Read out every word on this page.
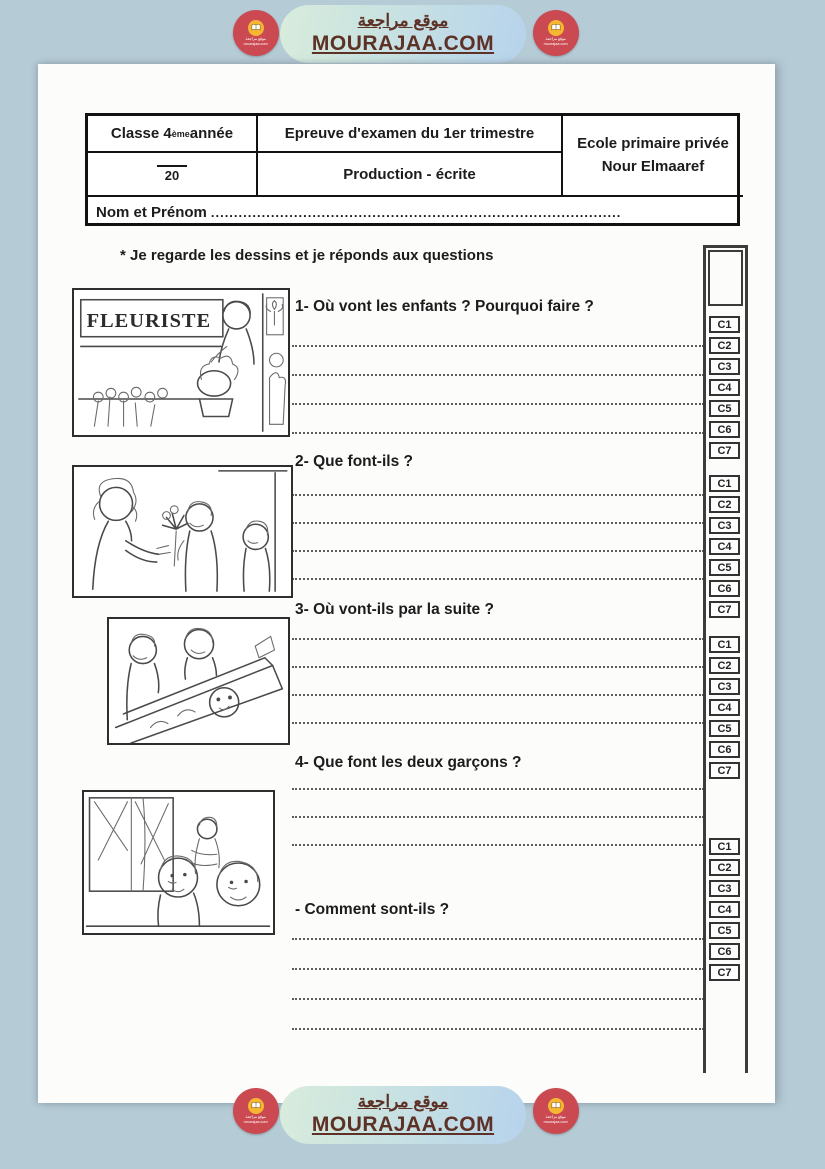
موقع مراجعة
mourajaa.com
موقع مراجعة
MOURAJAA.COM	موقع مراجعة
mourajaa.com
Classe 4 ème année	Epreuve d'examen du 1er trimestre
Ecole primaire privée
Nour Elmaaref
20	Production - écrite
Nom et Prénom .........................................................................................
* Je regarde les dessins et je réponds aux questions
1- Où vont les enfants ? Pourquoi faire ?
2- Que font-ils ?
3- Où vont-ils par la suite ?
4- Que font les deux garçons ?
- Comment sont-ils ?
C1
C2
C3
C4
C5
C6
C7
C1
C2
C3
C4
C5
C6
C7
C1
C2
C3
C4
C5
C6
C7
C1
C2
C3
C4
C5
C6
C7
FLEURISTE
موقع مراجعة
mourajaa.com
موقع مراجعة
MOURAJAA.COM	موقع مراجعة
mourajaa.com
